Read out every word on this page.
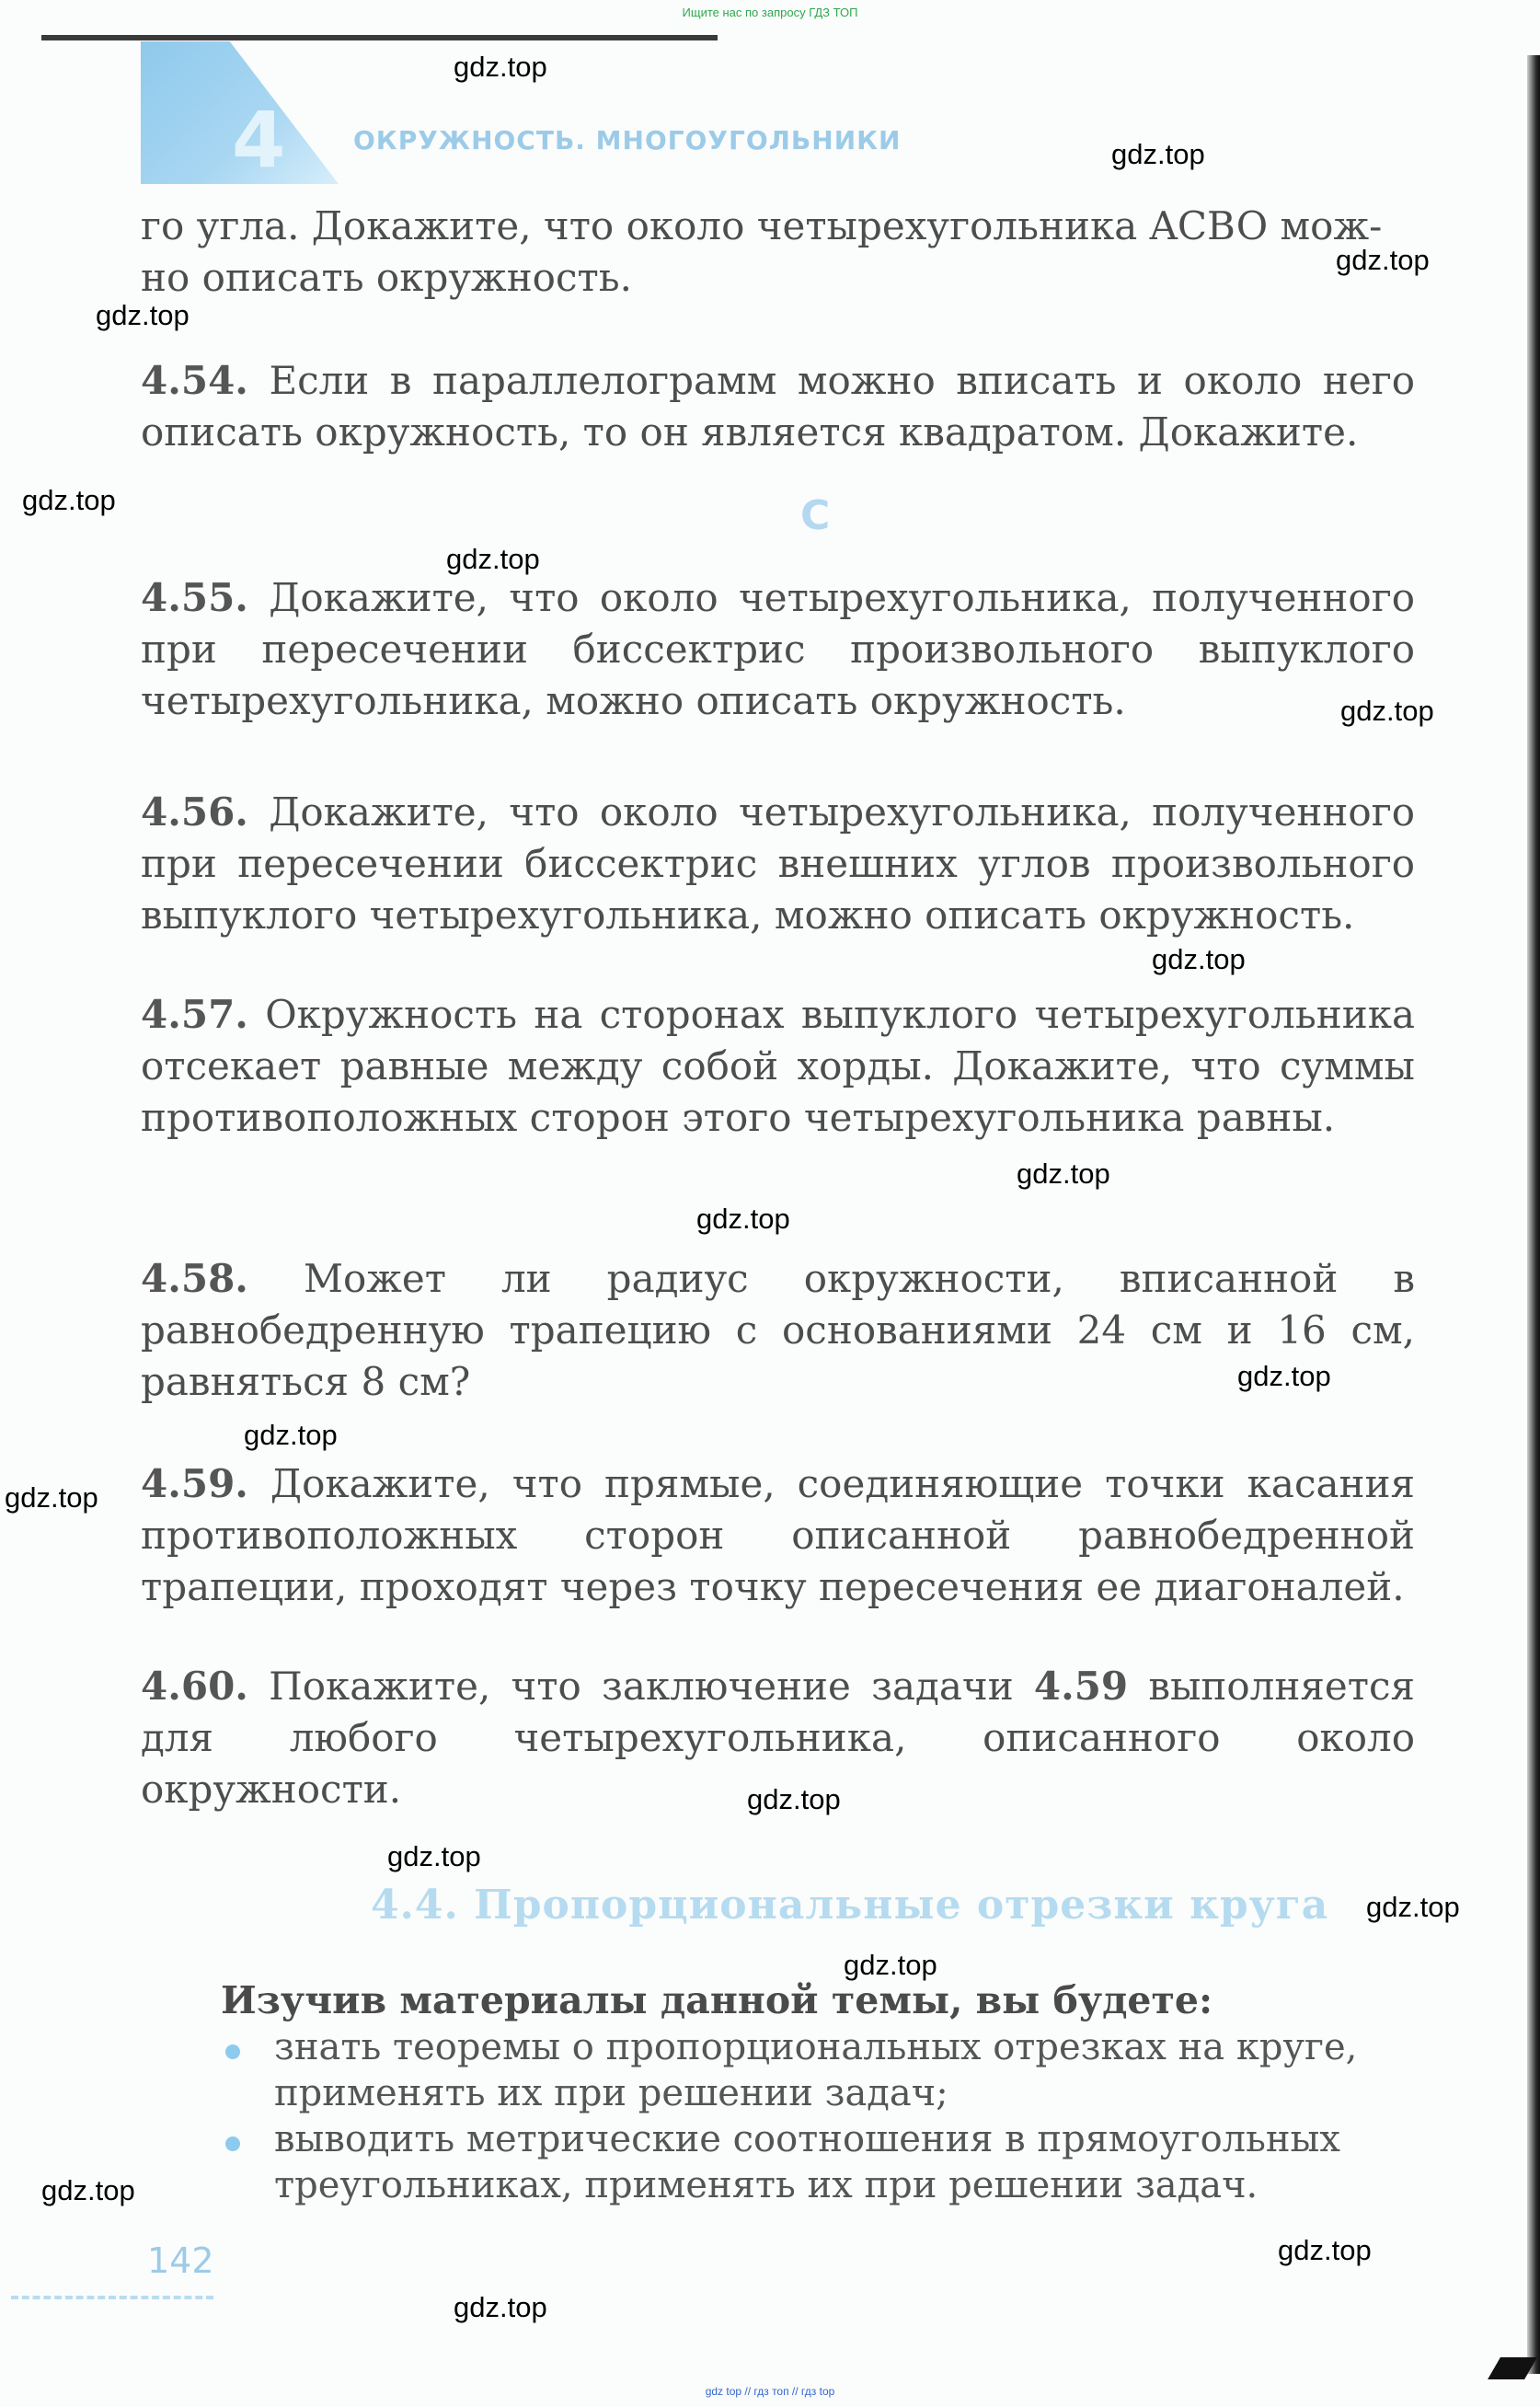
Ищите нас по запросу ГДЗ ТОП
4	ОКРУЖНОСТЬ. МНОГОУГОЛЬНИКИ
го угла. Докажите, что около четырехугольника ACBO мож-
но описать окружность.
4.54. Если в параллелограмм можно вписать и около него описать окружность, то он является квадратом. Докажите.
C
4.55. Докажите, что около четырехугольника, полученного при пересечении биссектрис произвольного выпуклого четырехугольника, можно описать окружность.
4.56. Докажите, что около четырехугольника, полученного при пересечении биссектрис внешних углов произвольного выпуклого четырехугольника, можно описать окружность.
4.57. Окружность на сторонах выпуклого четырехугольника отсекает равные между собой хорды. Докажите, что суммы противоположных сторон этого четырехугольника равны.
4.58. Может ли радиус окружности, вписанной в равнобедренную трапецию с основаниями 24 см и 16 см, равняться 8 см?
4.59. Докажите, что прямые, соединяющие точки касания противоположных сторон описанной равнобедренной трапеции, проходят через точку пересечения ее диагоналей.
4.60. Покажите, что заключение задачи 4.59 выполняется для любого четырехугольника, описанного около окружности.
4.4. Пропорциональные отрезки круга
Изучив материалы данной темы, вы будете:
знать теоремы о пропорциональных отрезках на круге, применять их при решении задач;
выводить метрические соотношения в прямоугольных треугольниках, применять их при решении задач.
142
gdz.top
gdz.top
gdz.top
gdz.top
gdz.top
gdz.top
gdz.top
gdz.top
gdz.top
gdz.top
gdz.top
gdz.top
gdz.top
gdz.top
gdz.top
gdz.top
gdz.top
gdz.top
gdz.top
gdz.top
gdz top // гдз топ // гдз top
